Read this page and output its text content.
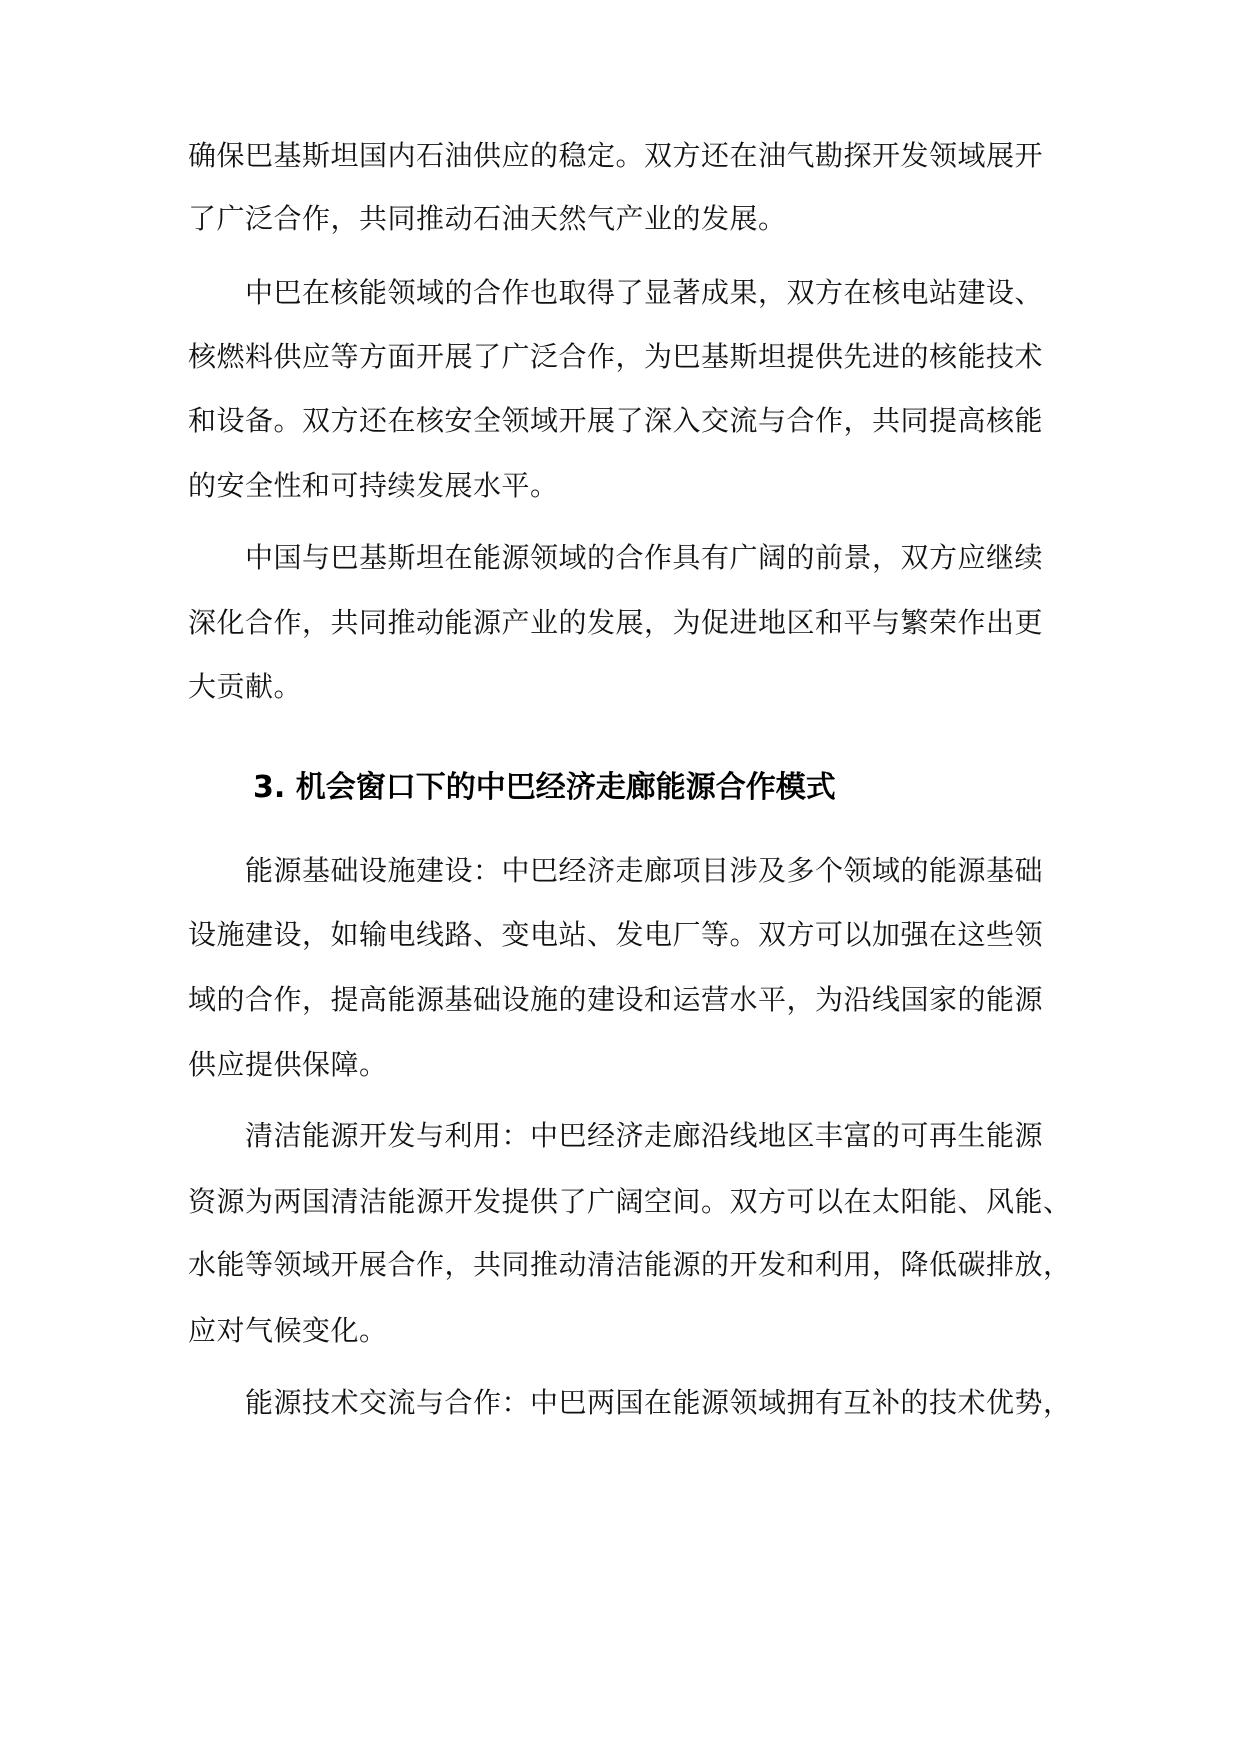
确保巴基斯坦国内石油供应的稳定。双方还在油气勘探开发领域展开

了广泛合作，共同推动石油天然气产业的发展。

中巴在核能领域的合作也取得了显著成果，双方在核电站建设、

核燃料供应等方面开展了广泛合作，为巴基斯坦提供先进的核能技术

和设备。双方还在核安全领域开展了深入交流与合作，共同提高核能

的安全性和可持续发展水平。

中国与巴基斯坦在能源领域的合作具有广阔的前景，双方应继续

深化合作，共同推动能源产业的发展，为促进地区和平与繁荣作出更

大贡献。

3. 机会窗口下的中巴经济走廊能源合作模式

能源基础设施建设：中巴经济走廊项目涉及多个领域的能源基础

设施建设，如输电线路、变电站、发电厂等。双方可以加强在这些领

域的合作，提高能源基础设施的建设和运营水平，为沿线国家的能源

供应提供保障。

清洁能源开发与利用：中巴经济走廊沿线地区丰富的可再生能源

资源为两国清洁能源开发提供了广阔空间。双方可以在太阳能、风能、

水能等领域开展合作，共同推动清洁能源的开发和利用，降低碳排放，

应对气候变化。

能源技术交流与合作：中巴两国在能源领域拥有互补的技术优势，
